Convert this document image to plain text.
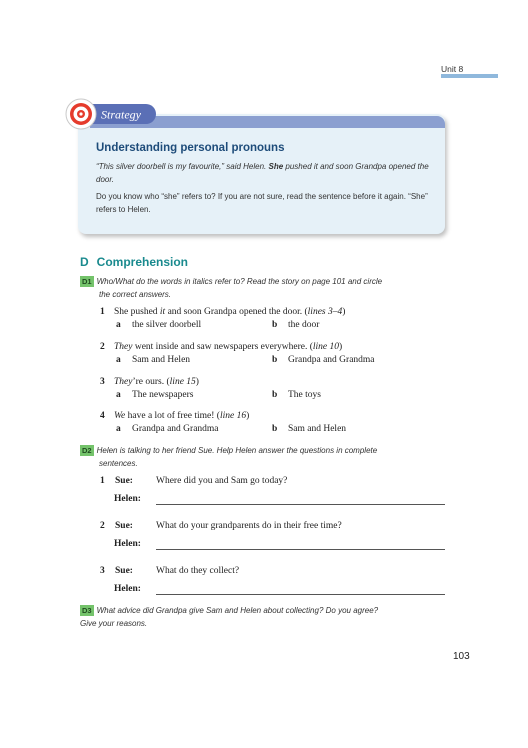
Unit 8
Strategy
Understanding personal pronouns
“This silver doorbell is my favourite,” said Helen. She pushed it and soon Grandpa opened the door.
Do you know who “she” refers to? If you are not sure, read the sentence before it again. “She” refers to Helen.
D Comprehension
D1 Who/What do the words in italics refer to? Read the story on page 101 and circle
the correct answers.
1 She pushed it and soon Grandpa opened the door. (lines 3–4)
a the silver doorbell	b the door
2 They went inside and saw newspapers everywhere. (line 10)
a Sam and Helen	b Grandpa and Grandma
3 They’re ours. (line 15)
a The newspapers	b The toys
4 We have a lot of free time! (line 16)
a Grandpa and Grandma	b Sam and Helen
D2 Helen is talking to her friend Sue. Help Helen answer the questions in complete
sentences.
1 Sue: Where did you and Sam go today?
Helen:
2 Sue: What do your grandparents do in their free time?
Helen:
3 Sue: What do they collect?
Helen:
D3 What advice did Grandpa give Sam and Helen about collecting? Do you agree?
Give your reasons.
103
